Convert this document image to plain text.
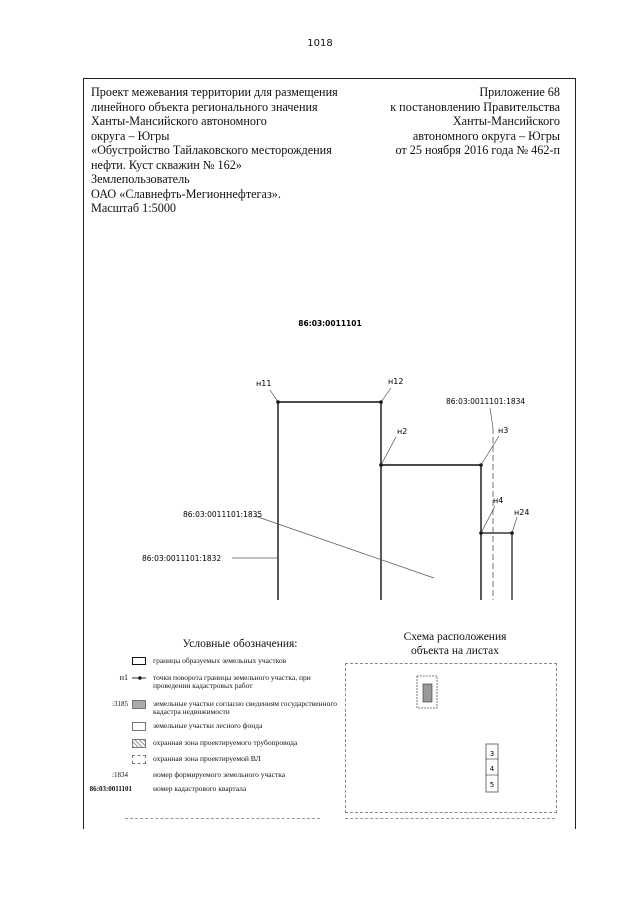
1018
Проект межевания территории для размещения
линейного объекта регионального значения
Ханты-Мансийского автономного
округа – Югры
«Обустройство Тайлаковского месторождения
нефти. Куст скважин № 162»
Землепользователь
ОАО «Славнефть-Мегионнефтегаз».
Масштаб 1:5000
Приложение 68
к постановлению Правительства
Ханты-Мансийского
автономного округа – Югры
от 25 ноября 2016 года № 462-п
86:03:0011101
н11	н12
н2	н3
н4
н24
86:03:0011101:1834
86:03:0011101:1835
86:03:0011101:1832
Условные обозначения:
границы образуемых земельных участков
н1	точки поворота границы земельного участка, при проведении кадастровых работ
:3185	земельные участки согласно сведениям государственного кадастра недвижимости
земельные участки лесного фонда
охранная зона проектируемого трубопровода
охранная зона проектируемой ВЛ
:1834	номер формируемого земельного участка
86:03:0011101	номер кадастрового квартала
Схема расположения
объекта на листах
3
4
5
